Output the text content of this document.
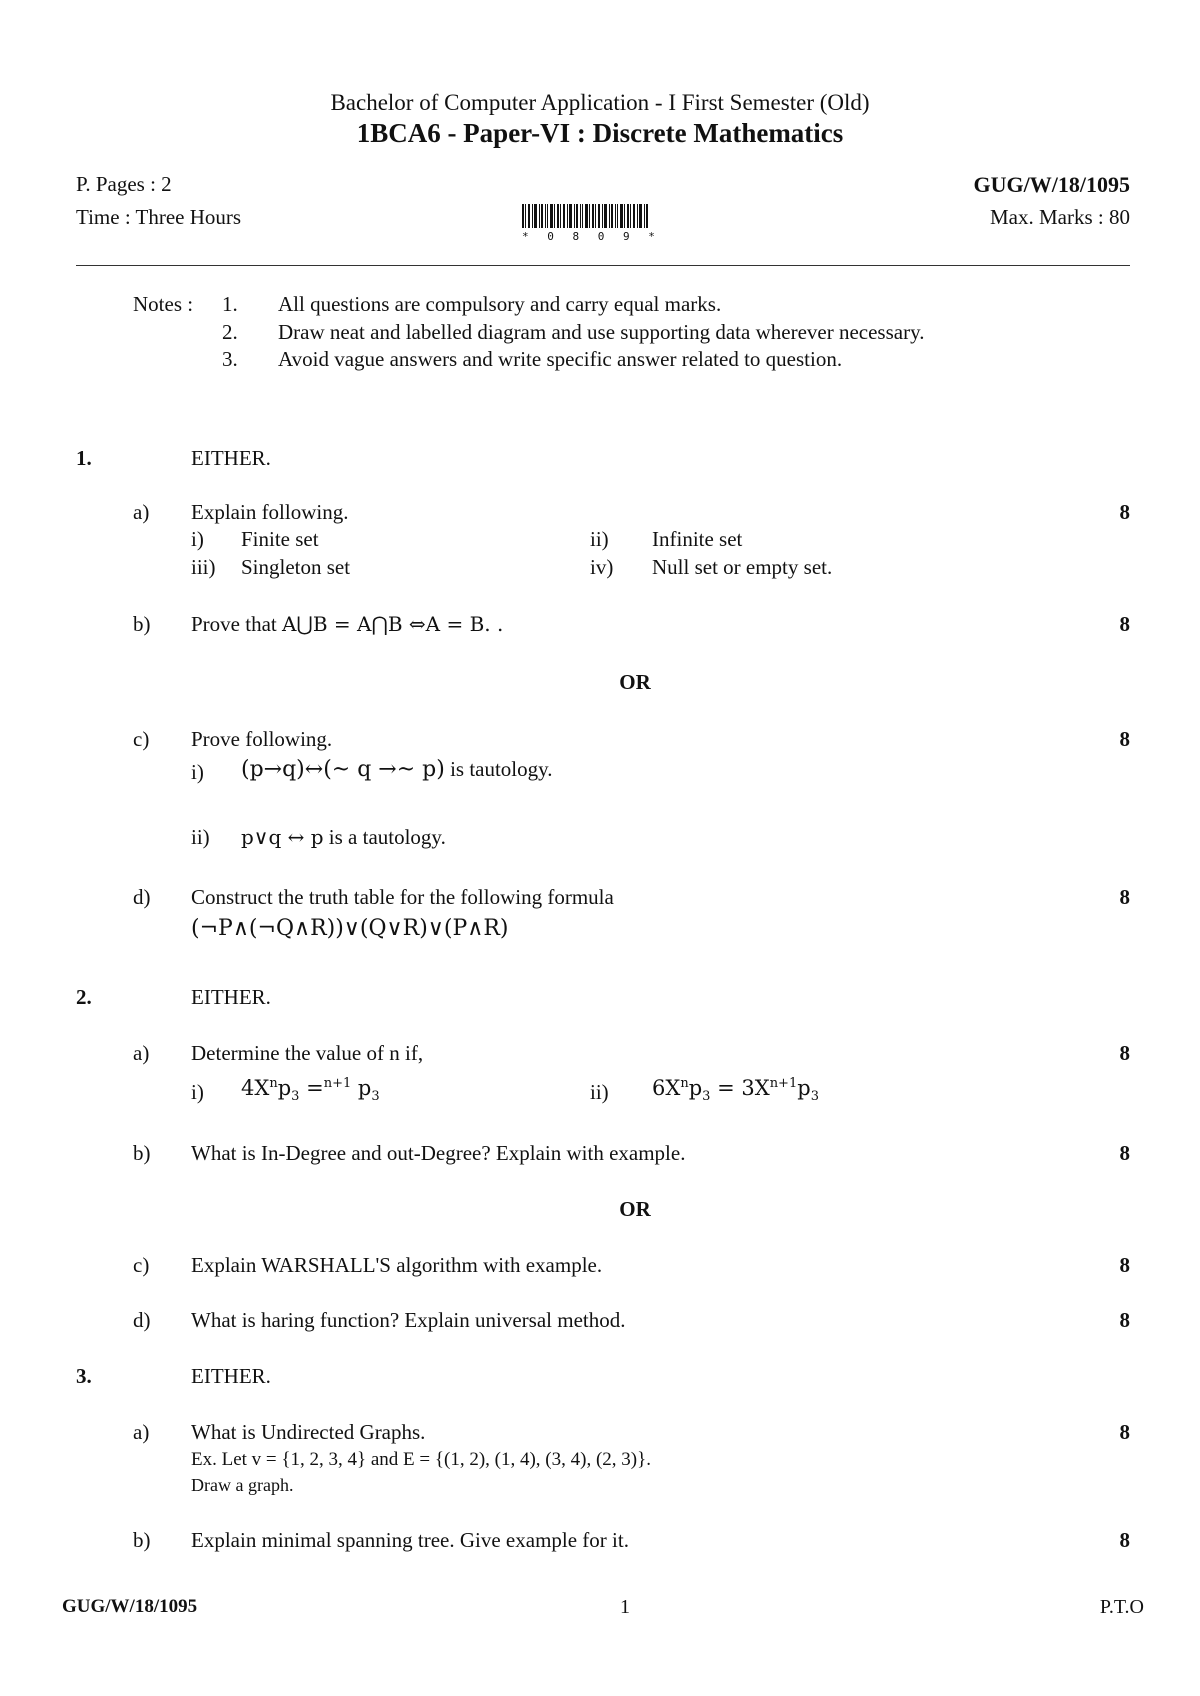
Bachelor of Computer Application - I First Semester (Old)
1BCA6 - Paper-VI : Discrete Mathematics
P. Pages : 2
Time : Three Hours
GUG/W/18/1095
Max. Marks : 80
* 0 8 0 9 *
Notes : 1. All questions are compulsory and carry equal marks.
2. Draw neat and labelled diagram and use supporting data wherever necessary.
3. Avoid vague answers and write specific answer related to question.
1.	EITHER.
a) Explain following.	8
i) Finite set	ii) Infinite set
iii) Singleton set	iv) Null set or empty set.
b) Prove that A⋃B = A⋂B ⇔A = B. .	8
OR
c) Prove following.	8
i) (p→q)↔(~ q →~ p) is tautology.
ii) p∨q ↔ p is a tautology.
d) Construct the truth table for the following formula	8
(¬P∧(¬Q∧R))∨(Q∨R)∨(P∧R)
2.	EITHER.
a) Determine the value of n if,	8
i) $4X^np_3 =^{n+1}$ $p_3$	ii) $6X^np_3 = 3X^{n+1}p_3$
b) What is In-Degree and out-Degree? Explain with example.	8
OR
c) Explain WARSHALL'S algorithm with example.	8
d) What is haring function? Explain universal method.	8
3.	EITHER.
a) What is Undirected Graphs.	8
Ex. Let v = {1, 2, 3, 4} and E = {(1, 2), (1, 4), (3, 4), (2, 3)}.
Draw a graph.
b) Explain minimal spanning tree. Give example for it.	8
GUG/W/18/1095	1	P.T.O
